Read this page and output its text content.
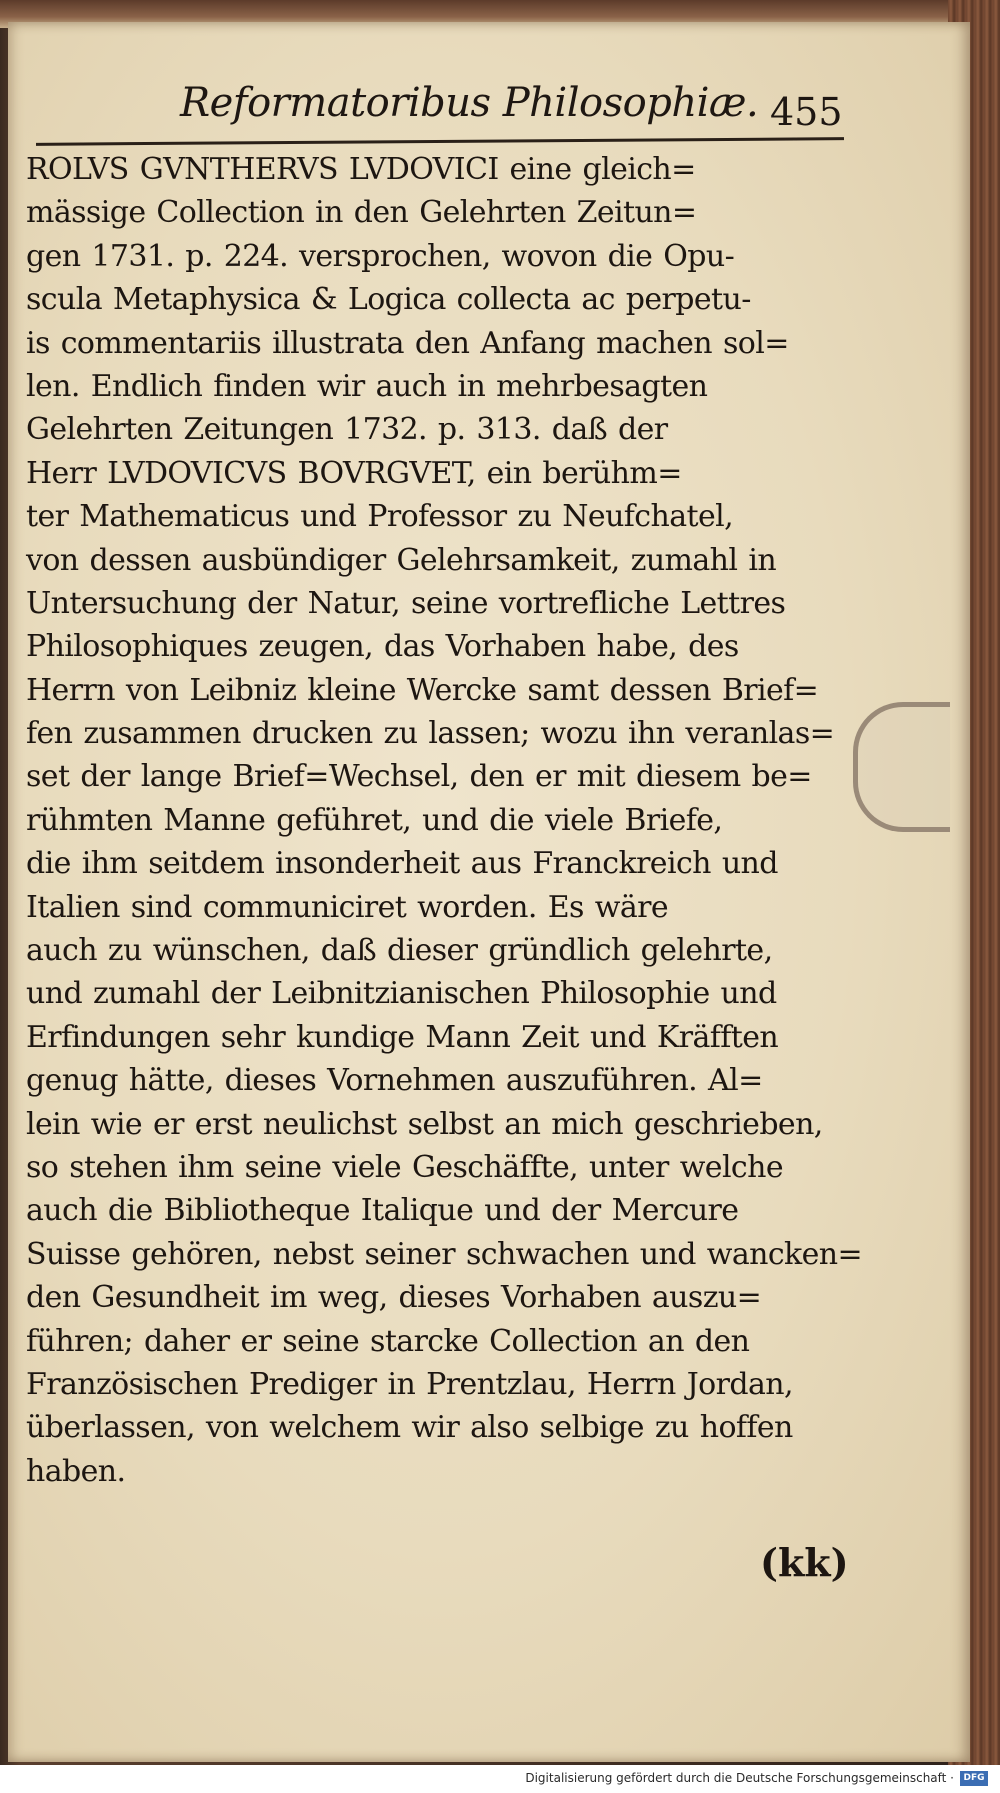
Reformatoribus Philosophiæ. 455
ROLVS GVNTHERVS LVDOVICI eine gleich=
mässige Collection in den Gelehrten Zeitun=
gen 1731. p. 224. versprochen, wovon die Opu-
scula Metaphysica & Logica collecta ac perpetu-
is commentariis illustrata den Anfang machen sol=
len. Endlich finden wir auch in mehrbesagten
Gelehrten Zeitungen 1732. p. 313. daß der
Herr LVDOVICVS BOVRGVET, ein berühm=
ter Mathematicus und Professor zu Neufchatel,
von dessen ausbündiger Gelehrsamkeit, zumahl in
Untersuchung der Natur, seine vortrefliche Lettres
Philosophiques zeugen, das Vorhaben habe, des
Herrn von Leibniz kleine Wercke samt dessen Brief=
fen zusammen drucken zu lassen; wozu ihn veranlas=
set der lange Brief=Wechsel, den er mit diesem be=
rühmten Manne geführet, und die viele Briefe,
die ihm seitdem insonderheit aus Franckreich und
Italien sind communiciret worden. Es wäre
auch zu wünschen, daß dieser gründlich gelehrte,
und zumahl der Leibnitzianischen Philosophie und
Erfindungen sehr kundige Mann Zeit und Kräfften
genug hätte, dieses Vornehmen auszuführen. Al=
lein wie er erst neulichst selbst an mich geschrieben,
so stehen ihm seine viele Geschäffte, unter welche
auch die Bibliotheque Italique und der Mercure
Suisse gehören, nebst seiner schwachen und wancken=
den Gesundheit im weg, dieses Vorhaben auszu=
führen; daher er seine starcke Collection an den
Französischen Prediger in Prentzlau, Herrn Jordan,
überlassen, von welchem wir also selbige zu hoffen
haben.
(kk)
Digitalisierung gefördert durch die Deutsche Forschungsgemeinschaft ·	DFG
